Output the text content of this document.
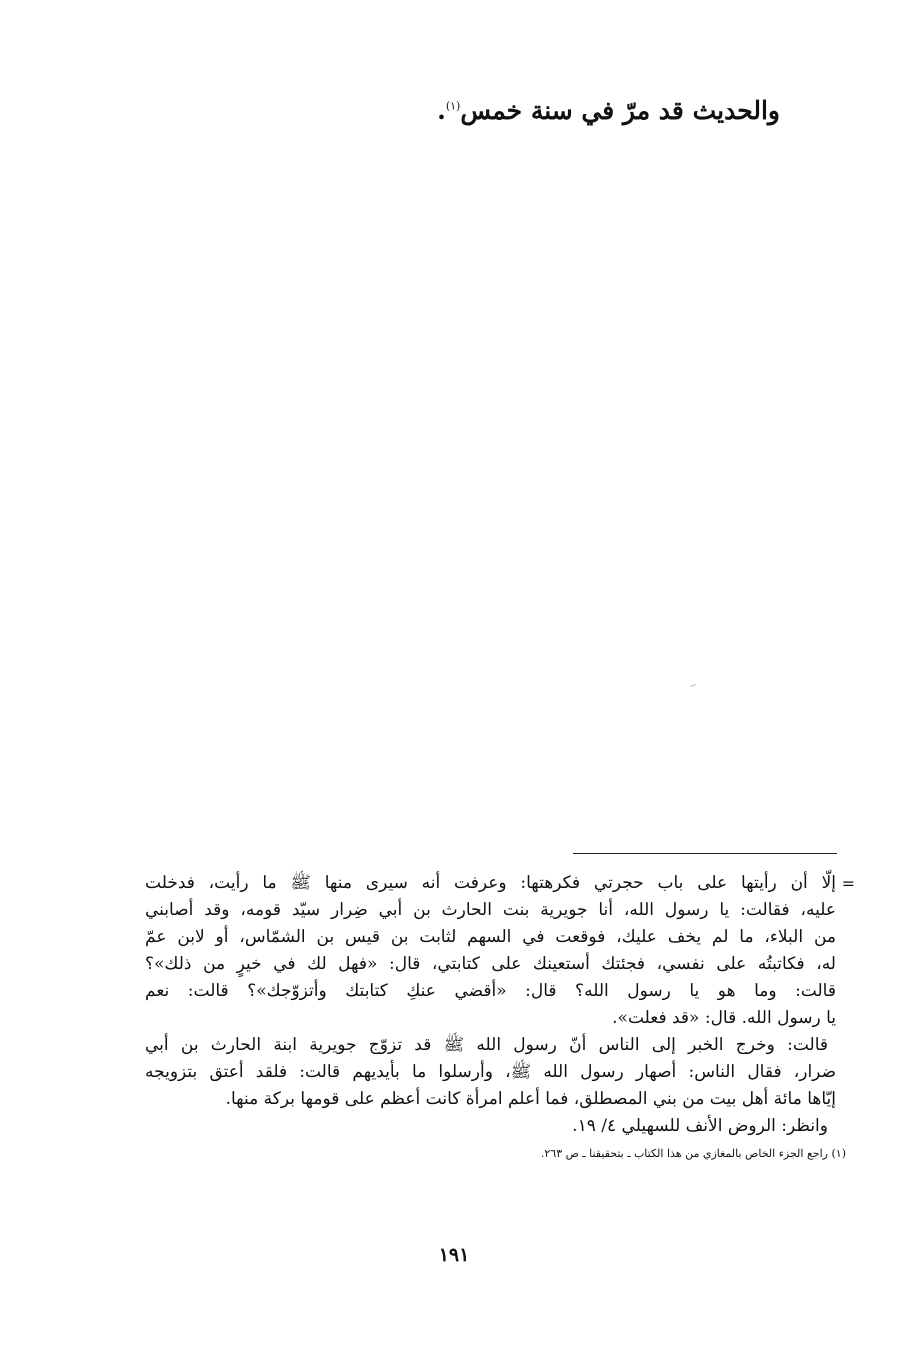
والحديث قد مرّ في سنة خمس$^{(١)}$.
=
إلّا أن رأيتها على باب حجرتي فكرهتها: وعرفت أنه سيرى منها ﷺ ما رأيت، فدخلت
عليه، فقالت: يا رسول الله، أنا جويرية بنت الحارث بن أبي ضِرار سيّد قومه، وقد أصابني
من البلاء، ما لم يخف عليك، فوقعت في السهم لثابت بن قيس بن الشمّاس، أو لابن عمّ
له، فكاتبتُه على نفسي، فجئتك أستعينك على كتابتي، قال: «فهل لك في خيرٍ من ذلك»؟
قالت: وما هو يا رسول الله؟ قال: «أقضي عنكِ كتابتك وأتزوّجك»؟ قالت: نعم
يا رسول الله. قال: «قد فعلت».
قالت: وخرج الخبر إلى الناس أنّ رسول الله ﷺ قد تزوّج جويرية ابنة الحارث بن أبي
ضرار، فقال الناس: أصهار رسول الله ﷺ، وأرسلوا ما بأيديهم قالت: فلقد أعتق بتزويجه
إيّاها مائة أهل بيت من بني المصطلق، فما أعلم امرأة كانت أعظم على قومها بركة منها.
وانظر: الروض الأنف للسهيلي ٤/ ١٩.
(١) راجع الجزء الخاص بالمغازي من هذا الكتاب ـ بتحقيقنا ـ ص ٢٦٣.
١٩١
